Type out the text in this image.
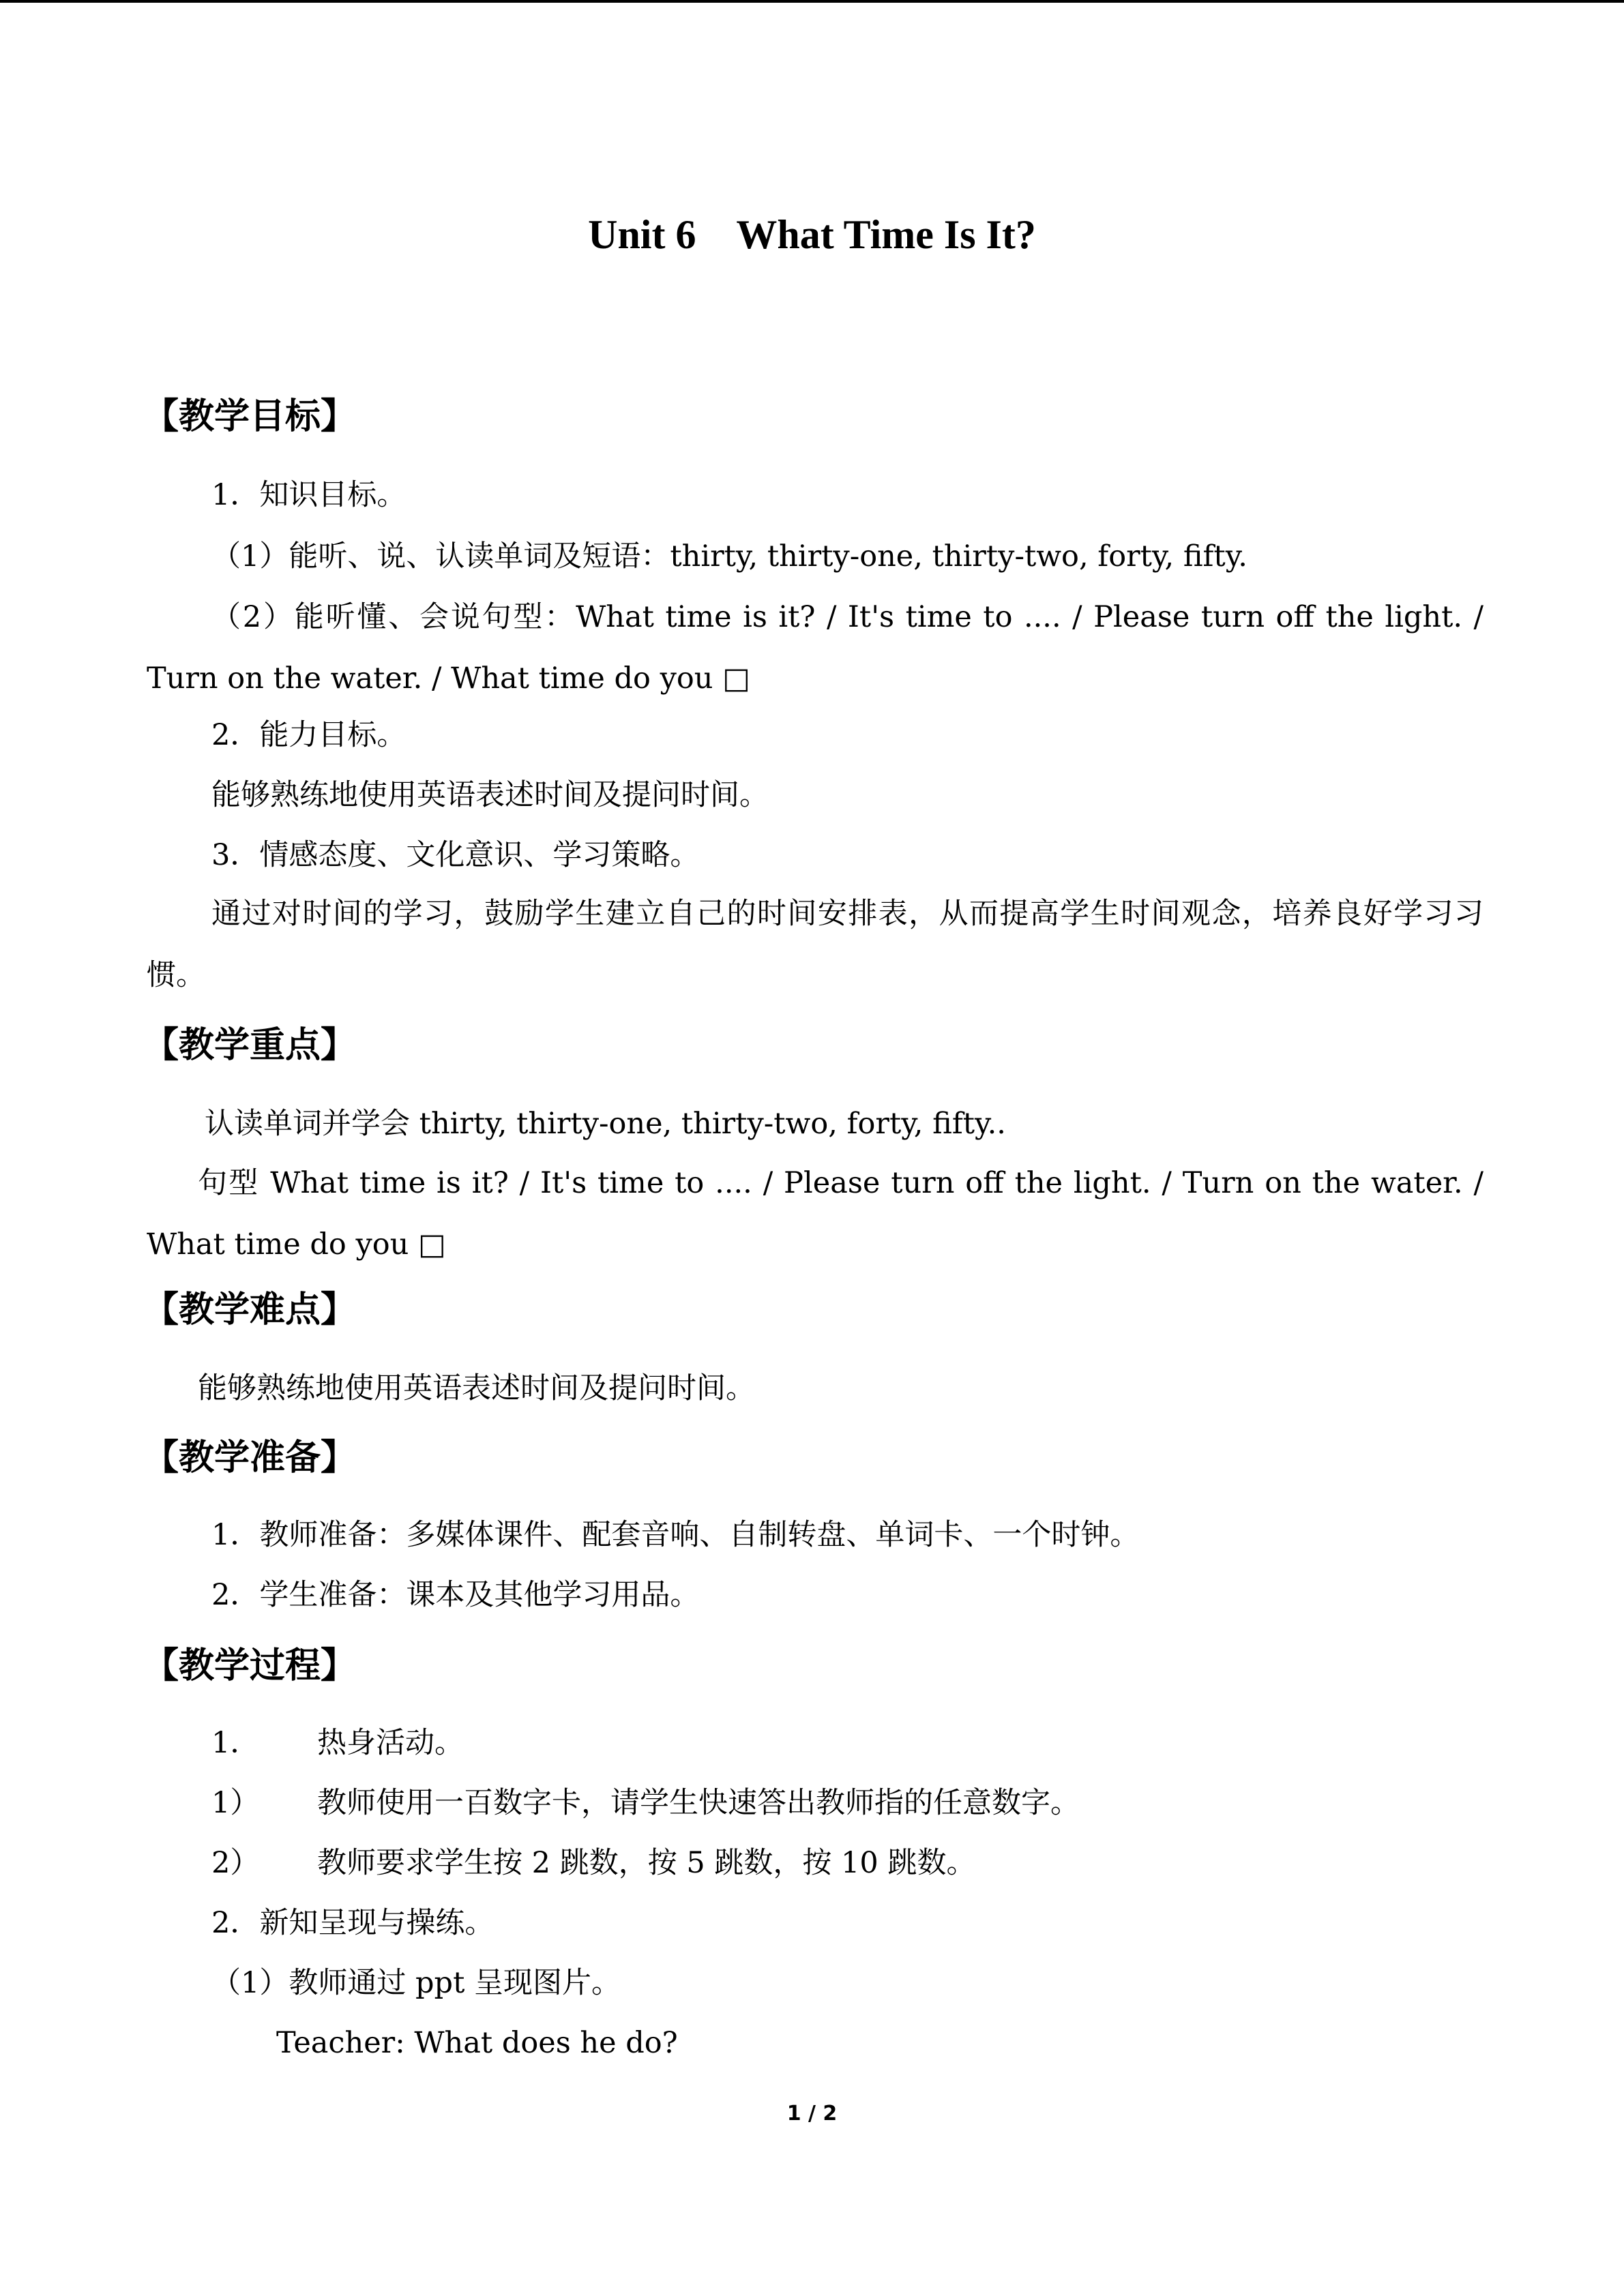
Unit 6    What Time Is It?
【教学目标】
1．知识目标。
（1）能听、说、认读单词及短语：thirty, thirty-one, thirty-two, forty, fifty.
（2）能听懂、会说句型：What time is it? / It's time to .... / Please turn off the light. / Turn on the water. / What time do you □
2．能力目标。
能够熟练地使用英语表述时间及提问时间。
3．情感态度、文化意识、学习策略。
通过对时间的学习，鼓励学生建立自己的时间安排表，从而提高学生时间观念，培养良好学习习惯。
【教学重点】
认读单词并学会 thirty, thirty-one, thirty-two, forty, fifty..
句型 What time is it? / It's time to .... / Please turn off the light. / Turn on the water. / What time do you □
【教学难点】
能够熟练地使用英语表述时间及提问时间。
【教学准备】
1．教师准备：多媒体课件、配套音响、自制转盘、单词卡、一个时钟。
2．学生准备：课本及其他学习用品。
【教学过程】
1． 热身活动。
1） 教师使用一百数字卡，请学生快速答出教师指的任意数字。
2） 教师要求学生按 2 跳数，按 5 跳数，按 10 跳数。
2．新知呈现与操练。
（1）教师通过 ppt 呈现图片。
Teacher: What does he do?
1 / 2
